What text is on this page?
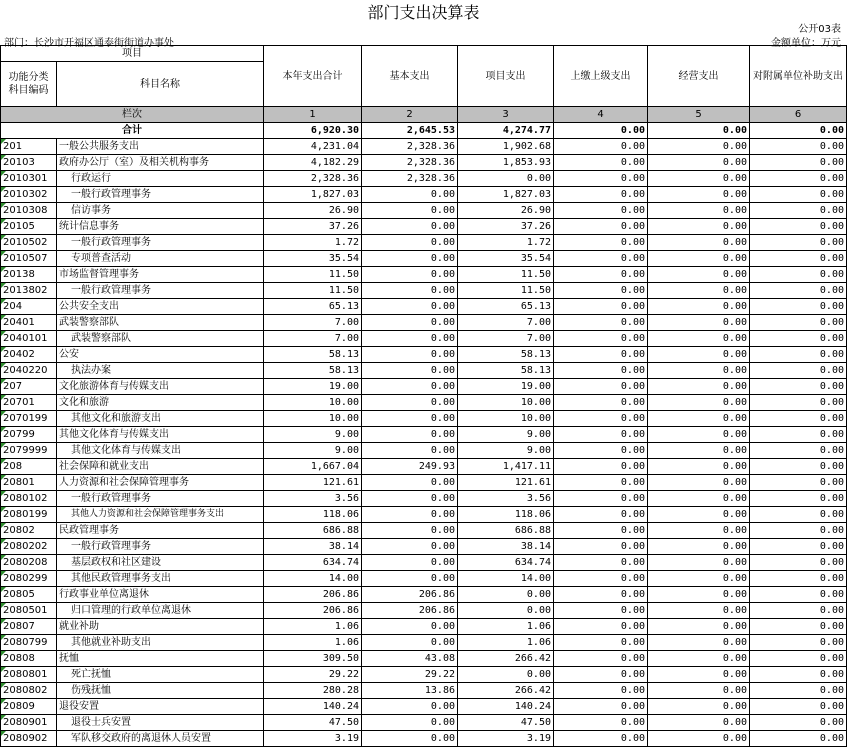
部门支出决算表
公开03表
部门：长沙市开福区通泰街街道办事处	金额单位：万元
项目		本年支出合计	基本支出	项目支出	上缴上级支出	经营支出	对附属单位补助支出
功能分类
科目编码	科目名称						

栏次		1	2	3	4	5	6
合计		6,920.30	2,645.53	4,274.77	0.00	0.00	0.00

201	一般公共服务支出	4,231.04	2,328.36	1,902.68	0.00	0.00	0.00

20103	政府办公厅（室）及相关机构事务	4,182.29	2,328.36	1,853.93	0.00	0.00	0.00

2010301	行政运行	2,328.36	2,328.36	0.00	0.00	0.00	0.00

2010302	一般行政管理事务	1,827.03	0.00	1,827.03	0.00	0.00	0.00

2010308	信访事务	26.90	0.00	26.90	0.00	0.00	0.00

20105	统计信息事务	37.26	0.00	37.26	0.00	0.00	0.00

2010502	一般行政管理事务	1.72	0.00	1.72	0.00	0.00	0.00

2010507	专项普查活动	35.54	0.00	35.54	0.00	0.00	0.00

20138	市场监督管理事务	11.50	0.00	11.50	0.00	0.00	0.00

2013802	一般行政管理事务	11.50	0.00	11.50	0.00	0.00	0.00

204	公共安全支出	65.13	0.00	65.13	0.00	0.00	0.00

20401	武装警察部队	7.00	0.00	7.00	0.00	0.00	0.00

2040101	武装警察部队	7.00	0.00	7.00	0.00	0.00	0.00

20402	公安	58.13	0.00	58.13	0.00	0.00	0.00

2040220	执法办案	58.13	0.00	58.13	0.00	0.00	0.00

207	文化旅游体育与传媒支出	19.00	0.00	19.00	0.00	0.00	0.00

20701	文化和旅游	10.00	0.00	10.00	0.00	0.00	0.00

2070199	其他文化和旅游支出	10.00	0.00	10.00	0.00	0.00	0.00

20799	其他文化体育与传媒支出	9.00	0.00	9.00	0.00	0.00	0.00

2079999	其他文化体育与传媒支出	9.00	0.00	9.00	0.00	0.00	0.00

208	社会保障和就业支出	1,667.04	249.93	1,417.11	0.00	0.00	0.00

20801	人力资源和社会保障管理事务	121.61	0.00	121.61	0.00	0.00	0.00

2080102	一般行政管理事务	3.56	0.00	3.56	0.00	0.00	0.00

2080199	其他人力资源和社会保障管理事务支出	118.06	0.00	118.06	0.00	0.00	0.00

20802	民政管理事务	686.88	0.00	686.88	0.00	0.00	0.00

2080202	一般行政管理事务	38.14	0.00	38.14	0.00	0.00	0.00

2080208	基层政权和社区建设	634.74	0.00	634.74	0.00	0.00	0.00

2080299	其他民政管理事务支出	14.00	0.00	14.00	0.00	0.00	0.00

20805	行政事业单位离退休	206.86	206.86	0.00	0.00	0.00	0.00

2080501	归口管理的行政单位离退休	206.86	206.86	0.00	0.00	0.00	0.00

20807	就业补助	1.06	0.00	1.06	0.00	0.00	0.00

2080799	其他就业补助支出	1.06	0.00	1.06	0.00	0.00	0.00

20808	抚恤	309.50	43.08	266.42	0.00	0.00	0.00

2080801	死亡抚恤	29.22	29.22	0.00	0.00	0.00	0.00

2080802	伤残抚恤	280.28	13.86	266.42	0.00	0.00	0.00

20809	退役安置	140.24	0.00	140.24	0.00	0.00	0.00

2080901	退役士兵安置	47.50	0.00	47.50	0.00	0.00	0.00

2080902	军队移交政府的离退休人员安置	3.19	0.00	3.19	0.00	0.00	0.00
